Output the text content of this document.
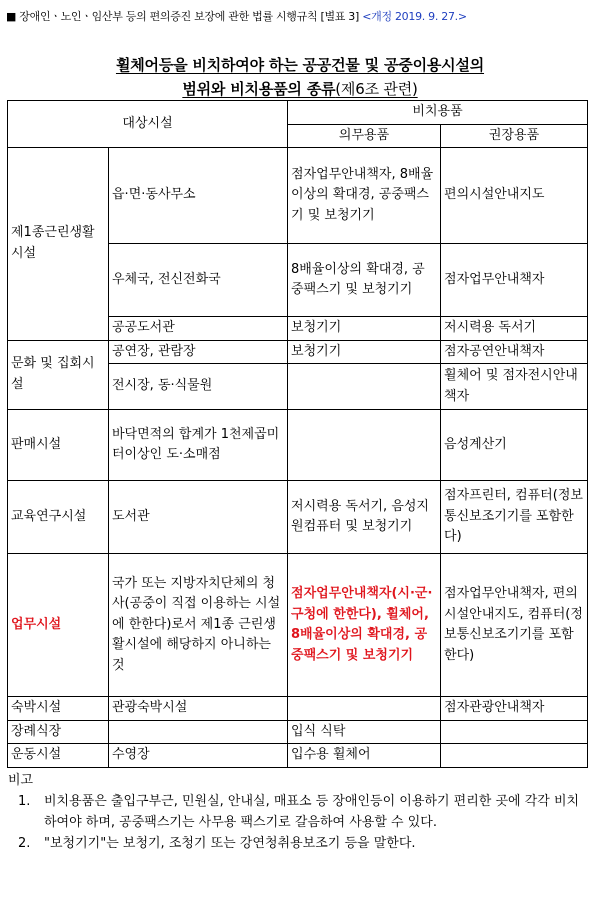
■ 장애인ㆍ노인ㆍ임산부 등의 편의증진 보장에 관한 법률 시행규칙 [별표 3] <개정 2019. 9. 27.>
휠체어등을 비치하여야 하는 공공건물 및 공중이용시설의
범위와 비치용품의 종류(제6조 관련)
대상시설		비치용품	
		의무용품	권장용품
제1종근린생활시설	읍·면·동사무소	점자업무안내책자, 8배율이상의 확대경, 공중팩스기 및 보청기기	편의시설안내지도
	우체국, 전신전화국	8배율이상의 확대경, 공중팩스기 및 보청기기	점자업무안내책자
	공공도서관	보청기기	저시력용 독서기
문화 및 집회시설	공연장, 관람장	보청기기	점자공연안내책자
	전시장, 동·식물원		휠체어 및 점자전시안내책자
판매시설	바닥면적의 합계가 1천제곱미터이상인 도·소매점		음성계산기
교육연구시설	도서관	저시력용 독서기, 음성지원컴퓨터 및 보청기기	점자프린터, 컴퓨터(정보통신보조기기를 포함한다)
업무시설	국가 또는 지방자치단체의 청사(공중이 직접 이용하는 시설에 한한다)로서 제1종 근린생활시설에 해당하지 아니하는 것	점자업무안내책자(시·군·구청에 한한다), 휠체어, 8배율이상의 확대경, 공중팩스기 및 보청기기	점자업무안내책자, 편의시설안내지도, 컴퓨터(정보통신보조기기를 포함한다)
숙박시설	관광숙박시설		점자관광안내책자
장례식장		입식 식탁	
운동시설	수영장	입수용 휠체어	
비고
1.	비치용품은 출입구부근, 민원실, 안내실, 매표소 등 장애인등이 이용하기 편리한 곳에 각각 비치하여야 하며, 공중팩스기는 사무용 팩스기로 갈음하여 사용할 수 있다.
2.	"보청기기"는 보청기, 조청기 또는 강연청취용보조기 등을 말한다.
